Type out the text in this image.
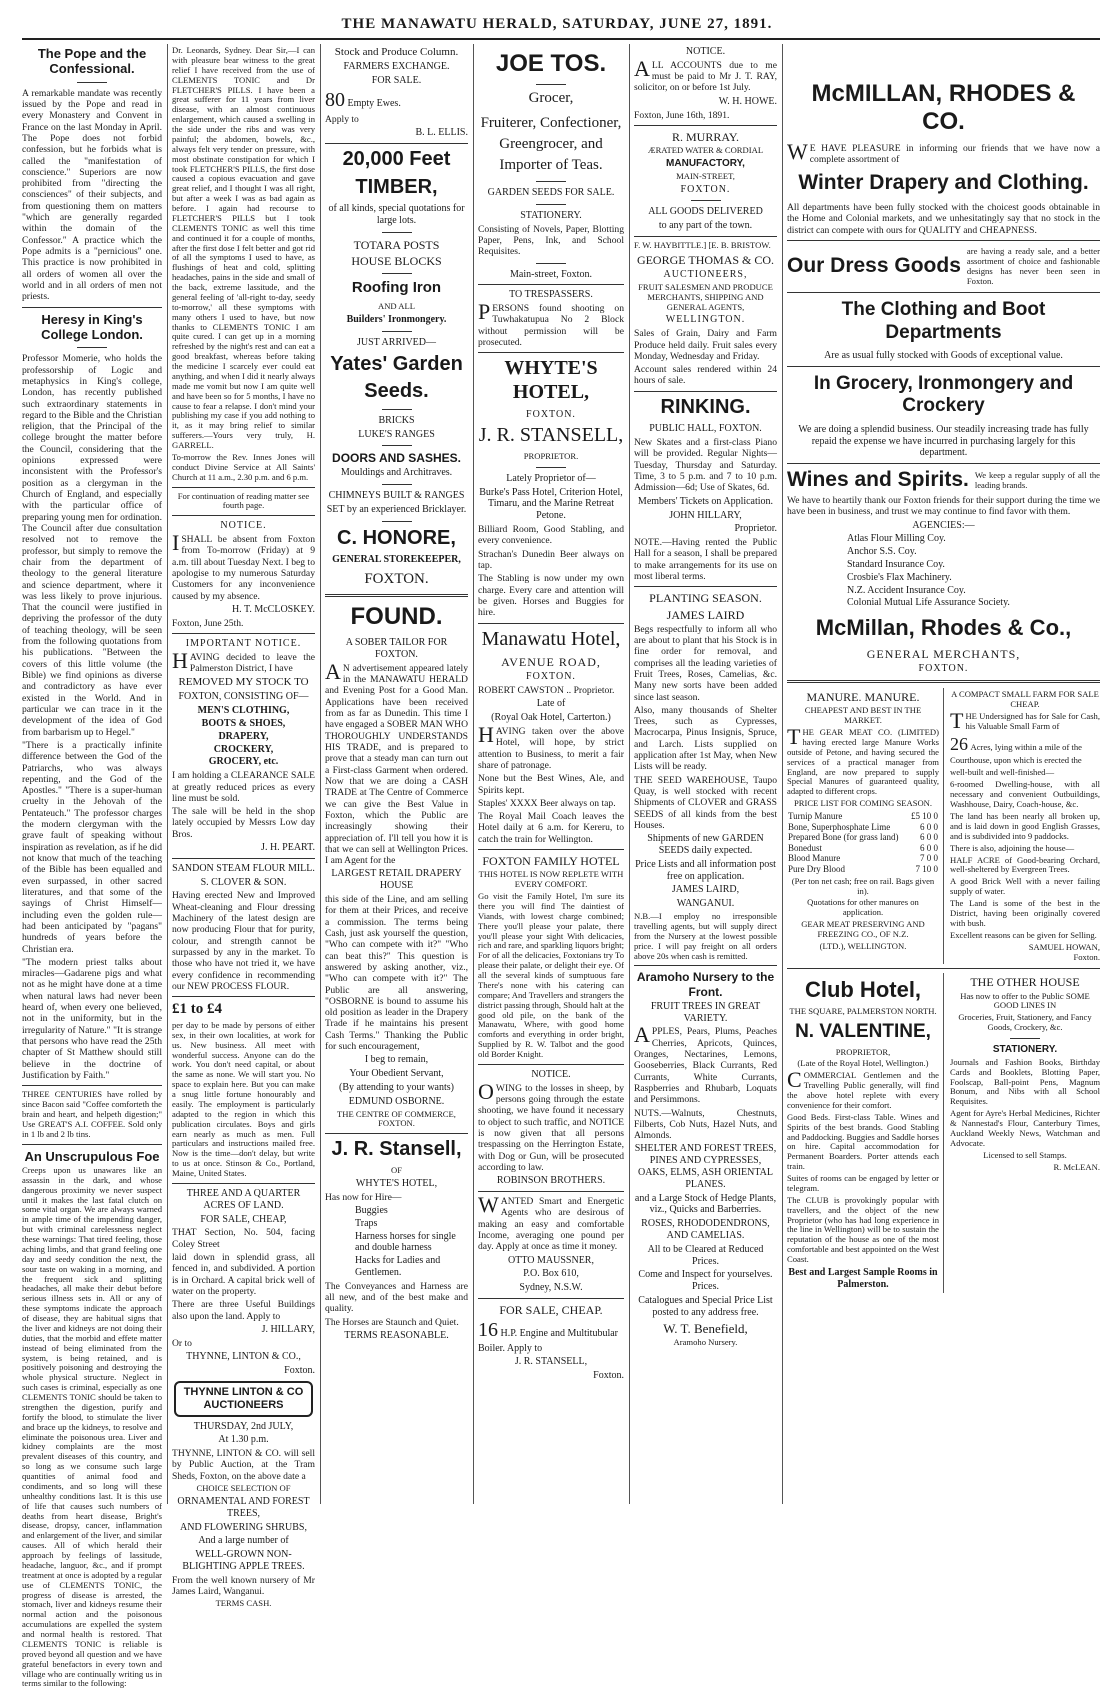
THE MANAWATU HERALD, SATURDAY, JUNE 27, 1891.
The Pope and the Confessional.
A remarkable mandate was recently issued by the Pope and read in every Monastery and Convent in France on the last Monday in April. The Pope does not forbid confession, but he forbids what is called the "manifestation of conscience." Superiors are now prohibited from "directing the consciences" of their subjects, and from questioning them on matters "which are generally regarded within the domain of the Confessor." A practice which the Pope admits is a "pernicious" one. This practice is now prohibited in all orders of women all over the world and in all orders of men not priests.
Heresy in King's College London.
Professor Momerie, who holds the professorship of Logic and metaphysics in King's college, London, has recently published such extraordinary statements in regard to the Bible and the Christian religion, that the Principal of the college brought the matter before the Council, considering that the opinions expressed were inconsistent with the Professor's position as a clergyman in the Church of England, and especially with the particular office of preparing young men for ordination. The Council after due consultation resolved not to remove the professor, but simply to remove the chair from the department of theology to the general literature and science department, where it was less likely to prove injurious. That the council were justified in depriving the professor of the duty of teaching theology, will be seen from the following quotations from his publications. "Between the covers of this little volume (the Bible) we find opinions as diverse and contradictory as have ever existed in the World. And in particular we can trace in it the development of the idea of God from barbarism up to Hegel."
"There is a practically infinite difference between the God of the Patriarchs, who was always repenting, and the God of the Apostles." "There is a super-human cruelty in the Jehovah of the Pentateuch." The professor charges the modern clergyman with the grave fault of speaking without inspiration as revelation, as if he did not know that much of the teaching of the Bible has been equalled and even surpassed, in other sacred literatures, and that some of the sayings of Christ Himself—including even the golden rule—had been anticipated by "pagans" hundreds of years before the Christian era.
"The modern priest talks about miracles—Gadarene pigs and what not as he might have done at a time when natural laws had never been heard of, when every one believed, not in the uniformity, but in the irregularity of Nature." "It is strange that persons who have read the 25th chapter of St Matthew should still believe in the doctrine of Justification by Faith."
THREE CENTURIES have rolled by since Bacon said "Coffee comforteth the brain and heart, and helpeth digestion;" Use GREAT'S A.I. COFFEE. Sold only in 1 lb and 2 lb tins.
An Unscrupulous Foe
Creeps upon us unawares like an assassin in the dark, and whose dangerous proximity we never suspect until it makes the last fatal clutch on some vital organ. We are always warned in ample time of the impending danger, but with criminal carelessness neglect these warnings: That tired feeling, those aching limbs, and that grand feeling one day and seedy condition the next, the sour taste on waking in a morning, and the frequent sick and splitting headaches, all make their debut before serious illness sets in. All or any of these symptoms indicate the approach of disease, they are habitual signs that the liver and kidneys are not doing their duties, that the morbid and effete matter instead of being eliminated from the system, is being retained, and is positively poisoning and destroying the whole physical structure. Neglect in such cases is criminal, especially as one CLEMENTS TONIC should be taken to strengthen the digestion, purify and fortify the blood, to stimulate the liver and brace up the kidneys, to resolve and eliminate the poisonous urea. Liver and kidney complaints are the most prevalent diseases of this country, and so long as we consume such large quantities of animal food and condiments, and so long will these unhealthy conditions last. It is this use of life that causes such numbers of deaths from heart disease, Bright's disease, dropsy, cancer, inflammation and enlargement of the liver, and similar causes. All of which herald their approach by feelings of lassitude, headache, languor, &c., and if prompt treatment at once is adopted by a regular use of CLEMENTS TONIC, the progress of disease is arrested, the stomach, liver and kidneys resume their normal action and the poisonous accumulations are expelled the system and normal health is restored. That CLEMENTS TONIC is reliable is proved beyond all question and we have grateful benefactors in every town and village who are continually writing us in terms similar to the following:
Dr. Leonards, Sydney. Dear Sir,—I can with pleasure bear witness to the great relief I have received from the use of CLEMENTS TONIC and Dr FLETCHER'S PILLS. I have been a great sufferer for 11 years from liver disease, with an almost continuous enlargement, which caused a swelling in the side under the ribs and was very painful; the abdomen, bowels, &c., always felt very tender on pressure, with most obstinate constipation for which I took FLETCHER'S PILLS, the first dose caused a copious evacuation and gave great relief, and I thought I was all right, but after a week I was as bad again as before. I again had recourse to FLETCHER'S PILLS but I took CLEMENTS TONIC as well this time and continued it for a couple of months, after the first dose I felt better and got rid of all the symptoms I used to have, as flushings of heat and cold, splitting headaches, pains in the side and small of the back, extreme lassitude, and the general feeling of 'all-right to-day, seedy to-morrow,' all these symptoms with many others I used to have, but now thanks to CLEMENTS TONIC I am quite cured. I can get up in a morning refreshed by the night's rest and can eat a good breakfast, whereas before taking the medicine I scarcely ever could eat anything, and when I did it nearly always made me vomit but now I am quite well and have been so for 5 months, I have no cause to fear a relapse. I don't mind your publishing my case if you add nothing to it, as it may bring relief to similar sufferers.—Yours very truly, H. GARRELL.
To-morrow the Rev. Innes Jones will conduct Divine Service at All Saints' Church at 11 a.m., 2.30 p.m. and 6 p.m.
For continuation of reading matter see fourth page.
NOTICE.
ISHALL be absent from Foxton from To-morrow (Friday) at 9 a.m. till about Tuesday Next. I beg to apologise to my numerous Saturday Customers for any inconvenience caused by my absence.
H. T. McCLOSKEY.
Foxton, June 25th.
IMPORTANT NOTICE.
HAVING decided to leave the Palmerston District, I have
REMOVED MY STOCK TO
FOXTON, CONSISTING OF—
MEN'S CLOTHING,
BOOTS & SHOES,
DRAPERY,
CROCKERY,
GROCERY, etc.
I am holding a CLEARANCE SALE at greatly reduced prices as every line must be sold.
The sale will be held in the shop lately occupied by Messrs Low day Bros.
J. H. PEART.
SANDON STEAM FLOUR MILL.
S. CLOVER & SON.
Having erected New and Improved Wheat-cleaning and Flour dressing Machinery of the latest design are now producing Flour that for purity, colour, and strength cannot be surpassed by any in the market. To those who have not tried it, we have every confidence in recommending our NEW PROCESS FLOUR.
£1 to £4
per day to be made by persons of either sex, in their own localities, at work for us. New business. All meet with wonderful success. Anyone can do the work. You don't need capital, or about the same as none. We will start you. No space to explain here. But you can make a snug little fortune honourably and easily. The employment is particularly adapted to the region in which this publication circulates. Boys and girls earn nearly as much as men. Full particulars and instructions mailed free. Now is the time—don't delay, but write to us at once. Stinson & Co., Portland, Maine, United States.
THREE AND A QUARTER ACRES OF LAND.
FOR SALE, CHEAP,
THAT Section, No. 504, facing Coley Street
laid down in splendid grass, all fenced in, and subdivided. A portion is in Orchard. A capital brick well of water on the property.
There are three Useful Buildings also upon the land. Apply to
J. HILLARY,
Or to
THYNNE, LINTON & CO.,
Foxton.
THYNNE LINTON & CO
AUCTIONEERS
THURSDAY, 2nd JULY,
At 1.30 p.m.
THYNNE, LINTON & CO. will sell by Public Auction, at the Tram Sheds, Foxton, on the above date a
CHOICE SELECTION OF
ORNAMENTAL AND FOREST TREES,
AND FLOWERING SHRUBS,
And a large number of
WELL-GROWN NON-BLIGHTING APPLE TREES.
From the well known nursery of Mr James Laird, Wanganui.
TERMS CASH.
Stock and Produce Column.
FARMERS EXCHANGE.
FOR SALE.
80 Empty Ewes.
Apply to
B. L. ELLIS.
20,000 Feet
TIMBER,
of all kinds, special quotations for large lots.
TOTARA POSTS
HOUSE BLOCKS
Roofing Iron
AND ALL
Builders' Ironmongery.
JUST ARRIVED—
Yates' Garden
Seeds.
BRICKS
LUKE'S RANGES
DOORS AND SASHES.
Mouldings and Architraves.
CHIMNEYS BUILT & RANGES
SET by an experienced Bricklayer.
C. HONORE,
GENERAL STOREKEEPER,
FOXTON.
FOUND.
A SOBER TAILOR FOR FOXTON.
AN advertisement appeared lately in the MANAWATU HERALD and Evening Post for a Good Man. Applications have been received from as far as Dunedin. This time I have engaged a SOBER MAN WHO THOROUGHLY UNDERSTANDS HIS TRADE, and is prepared to prove that a steady man can turn out a First-class Garment when ordered. Now that we are doing a CASH TRADE at The Centre of Commerce we can give the Best Value in Foxton, which the Public are increasingly showing their appreciation of. I'll tell you how it is that we can sell at Wellington Prices. I am Agent for the
LARGEST RETAIL DRAPERY HOUSE
this side of the Line, and am selling for them at their Prices, and receive a commission. The terms being Cash, just ask yourself the question, "Who can compete with it?" "Who can beat this?" This question is answered by asking another, viz., "Who can compete with it?" The Public are all answering, "OSBORNE is bound to assume his old position as leader in the Drapery Trade if he maintains his present Cash Terms." Thanking the Public for such encouragement,
I beg to remain,
Your Obedient Servant,
(By attending to your wants)
EDMUND OSBORNE.
THE CENTRE OF COMMERCE, FOXTON.
J. R. Stansell,
OF
WHYTE'S HOTEL,
Has now for Hire—
Buggies
Traps
Harness horses for single and double harness
Hacks for Ladies and Gentlemen.
The Conveyances and Harness are all new, and of the best make and quality.
The Horses are Staunch and Quiet.
TERMS REASONABLE.
JOE TOS.
Grocer,
Fruiterer, Confectioner, Greengrocer, and Importer of Teas.
GARDEN SEEDS FOR SALE.
STATIONERY.
Consisting of Novels, Paper, Blotting Paper, Pens, Ink, and School Requisites.
Main-street, Foxton.
TO TRESPASSERS.
PERSONS found shooting on Tuwhakatupua No 2 Block without permission will be prosecuted.
WHYTE'S HOTEL,
FOXTON.
J. R. STANSELL,
PROPRIETOR.
Lately Proprietor of—
Burke's Pass Hotel, Criterion Hotel, Timaru, and the Marine Retreat Petone.
Billiard Room, Good Stabling, and every convenience.
Strachan's Dunedin Beer always on tap.
The Stabling is now under my own charge. Every care and attention will be given. Horses and Buggies for hire.
Manawatu Hotel,
AVENUE ROAD,
FOXTON.
ROBERT CAWSTON .. Proprietor.
Late of
(Royal Oak Hotel, Carterton.)
HAVING taken over the above Hotel, will hope, by strict attention to Business, to merit a fair share of patronage.
None but the Best Wines, Ale, and Spirits kept.
Staples' XXXX Beer always on tap.
The Royal Mail Coach leaves the Hotel daily at 6 a.m. for Kereru, to catch the train for Wellington.
FOXTON FAMILY HOTEL
THIS HOTEL IS NOW REPLETE WITH EVERY COMFORT.
Go visit the Family Hotel, I'm sure its there you will find The daintiest of Viands, with lowest charge combined; There you'll please your palate, there you'll please your sight With delicacies, rich and rare, and sparkling liquors bright; For of all the delicacies, Foxtonians try To please their palate, or delight their eye. Of all the several kinds of sumptuous fare There's none with his catering can compare; And Travellers and strangers the district passing through, Should halt at the good old pile, on the bank of the Manawatu, Where, with good home comforts and everything in order bright, Supplied by R. W. Talbot and the good old Border Knight.
NOTICE.
OWING to the losses in sheep, by persons going through the estate shooting, we have found it necessary to object to such traffic, and NOTICE is now given that all persons trespassing on the Herrington Estate, with Dog or Gun, will be prosecuted according to law.
ROBINSON BROTHERS.
WANTED Smart and Energetic Agents who are desirous of making an easy and comfortable Income, averaging one pound per day. Apply at once as time it money.
OTTO MAUSSNER,
P.O. Box 610,
Sydney, N.S.W.
FOR SALE, CHEAP.
16 H.P. Engine and Multitubular Boiler. Apply to
J. R. STANSELL,
Foxton.
NOTICE.
ALL ACCOUNTS due to me must be paid to Mr J. T. RAY, solicitor, on or before 1st July.
W. H. HOWE.
Foxton, June 16th, 1891.
R. MURRAY.
ÆRATED WATER & CORDIAL
MANUFACTORY,
MAIN-STREET,
FOXTON.
ALL GOODS DELIVERED
to any part of the town.
F. W. HAYBITTLE.] [E. B. BRISTOW.
GEORGE THOMAS & CO.
AUCTIONEERS,
FRUIT SALESMEN AND PRODUCE MERCHANTS, SHIPPING AND GENERAL AGENTS,
WELLINGTON.
Sales of Grain, Dairy and Farm Produce held daily. Fruit sales every Monday, Wednesday and Friday.
Account sales rendered within 24 hours of sale.
RINKING.
PUBLIC HALL, FOXTON.
New Skates and a first-class Piano will be provided. Regular Nights—Tuesday, Thursday and Saturday. Time, 3 to 5 p.m. and 7 to 10 p.m. Admission—6d; Use of Skates, 6d.
Members' Tickets on Application.
JOHN HILLARY,
Proprietor.
NOTE.—Having rented the Public Hall for a season, I shall be prepared to make arrangements for its use on most liberal terms.
PLANTING SEASON.
JAMES LAIRD
Begs respectfully to inform all who are about to plant that his Stock is in fine order for removal, and comprises all the leading varieties of Fruit Trees, Roses, Camelias, &c. Many new sorts have been added since last season.
Also, many thousands of Shelter Trees, such as Cypresses, Macrocarpa, Pinus Insignis, Spruce, and Larch. Lists supplied on application after 1st May, when New Lists will be ready.
THE SEED WAREHOUSE, Taupo Quay, is well stocked with recent Shipments of CLOVER and GRASS SEEDS of all kinds from the best Houses.
Shipments of new GARDEN SEEDS daily expected.
Price Lists and all information post free on application.
JAMES LAIRD,
WANGANUI.
N.B.—I employ no irresponsible travelling agents, but will supply direct from the Nursery at the lowest possible price. I will pay freight on all orders above 20s when cash is remitted.
Aramoho Nursery to the Front.
FRUIT TREES IN GREAT VARIETY.
APPLES, Pears, Plums, Peaches Cherries, Apricots, Quinces, Oranges, Nectarines, Lemons, Gooseberries, Black Currants, Red Currants, White Currants, Raspberries and Rhubarb, Loquats and Persimmons.
NUTS.—Walnuts, Chestnuts, Filberts, Cob Nuts, Hazel Nuts, and Almonds.
SHELTER AND FOREST TREES, PINES AND CYPRESSES, OAKS, ELMS, ASH ORIENTAL PLANES.
and a Large Stock of Hedge Plants, viz., Quicks and Barberries.
ROSES, RHODODENDRONS, AND CAMELIAS.
All to be Cleared at Reduced Prices.
Come and Inspect for yourselves. Prices.
Catalogues and Special Price List posted to any address free.
W. T. Benefield,
Aramoho Nursery.
McMILLAN, RHODES & CO.
WE HAVE PLEASURE in informing our friends that we have now a complete assortment of
Winter Drapery and Clothing.
All departments have been fully stocked with the choicest goods obtainable in the Home and Colonial markets, and we unhesitatingly say that no stock in the district can compete with ours for QUALITY and CHEAPNESS.
Our Dress Goods
are having a ready sale, and a better assortment of choice and fashionable designs has never been seen in Foxton.
The Clothing and Boot Departments
Are as usual fully stocked with Goods of exceptional value.
In Grocery, Ironmongery and Crockery
We are doing a splendid business. Our steadily increasing trade has fully repaid the expense we have incurred in purchasing largely for this department.
Wines and Spirits. We keep a regular supply of all the leading brands.
We have to heartily thank our Foxton friends for their support during the time we have been in business, and trust we may continue to find favor with them.
AGENCIES:—
Atlas Flour Milling Coy.
Anchor S.S. Coy.
Standard Insurance Coy.
Crosbie's Flax Machinery.
N.Z. Accident Insurance Coy.
Colonial Mutual Life Assurance Society.
McMillan, Rhodes & Co.,
GENERAL MERCHANTS,
FOXTON.
MANURE. MANURE.
CHEAPEST AND BEST IN THE MARKET.
THE GEAR MEAT CO. (LIMITED) having erected large Manure Works outside of Petone, and having secured the services of a practical manager from England, are now prepared to supply Special Manures of guaranteed quality, adapted to different crops.
PRICE LIST FOR COMING SEASON.
Turnip Manure	£5 10 0
Bone, Superphosphate Lime	6 0 0
Prepared Bone (for grass land)	6 0 0
Bonedust	6 0 0
Blood Manure	7 0 0
Pure Dry Blood	7 10 0
(Per ton net cash; free on rail. Bags given in).
Quotations for other manures on application.
GEAR MEAT PRESERVING AND FREEZING CO., OF N.Z.
(LTD.), WELLINGTON.
A COMPACT SMALL FARM FOR SALE CHEAP.
THE Undersigned has for Sale for Cash, his Valuable Small Farm of
26 Acres, lying within a mile of the Courthouse, upon which is erected the well-built and well-finished—
6-roomed Dwelling-house, with all necessary and convenient Outbuildings, Washhouse, Dairy, Coach-house, &c.
The land has been nearly all broken up, and is laid down in good English Grasses, and is subdivided into 9 paddocks.
There is also, adjoining the house—
HALF ACRE of Good-bearing Orchard, well-sheltered by Evergreen Trees.
A good Brick Well with a never failing supply of water.
The Land is some of the best in the District, having been originally covered with bush.
Excellent reasons can be given for Selling.
SAMUEL HOWAN,
Foxton.
Club Hotel,
THE SQUARE, PALMERSTON NORTH.
N. VALENTINE,
PROPRIETOR,
(Late of the Royal Hotel, Wellington.)
COMMERCIAL Gentlemen and the Travelling Public generally, will find the above hotel replete with every convenience for their comfort.
Good Beds. First-class Table. Wines and Spirits of the best brands. Good Stabling and Paddocking. Buggies and Saddle horses on hire. Capital accommodation for Permanent Boarders. Porter attends each train.
Suites of rooms can be engaged by letter or telegram.
The CLUB is provokingly popular with travellers, and the object of the new Proprietor (who has had long experience in the line in Wellington) will be to sustain the reputation of the house as one of the most comfortable and best appointed on the West Coast.
Best and Largest Sample Rooms in Palmerston.
THE OTHER HOUSE
Has now to offer to the Public SOME GOOD LINES IN
Groceries, Fruit, Stationery, and Fancy Goods, Crockery, &c.
STATIONERY.
Journals and Fashion Books, Birthday Cards and Booklets, Blotting Paper, Foolscap, Ball-point Pens, Magnum Bonum, and Nibs with all School Requisites.
Agent for Ayre's Herbal Medicines, Richter & Nannestad's Flour, Canterbury Times, Auckland Weekly News, Watchman and Advocate.
Licensed to sell Stamps.
R. McLEAN.
